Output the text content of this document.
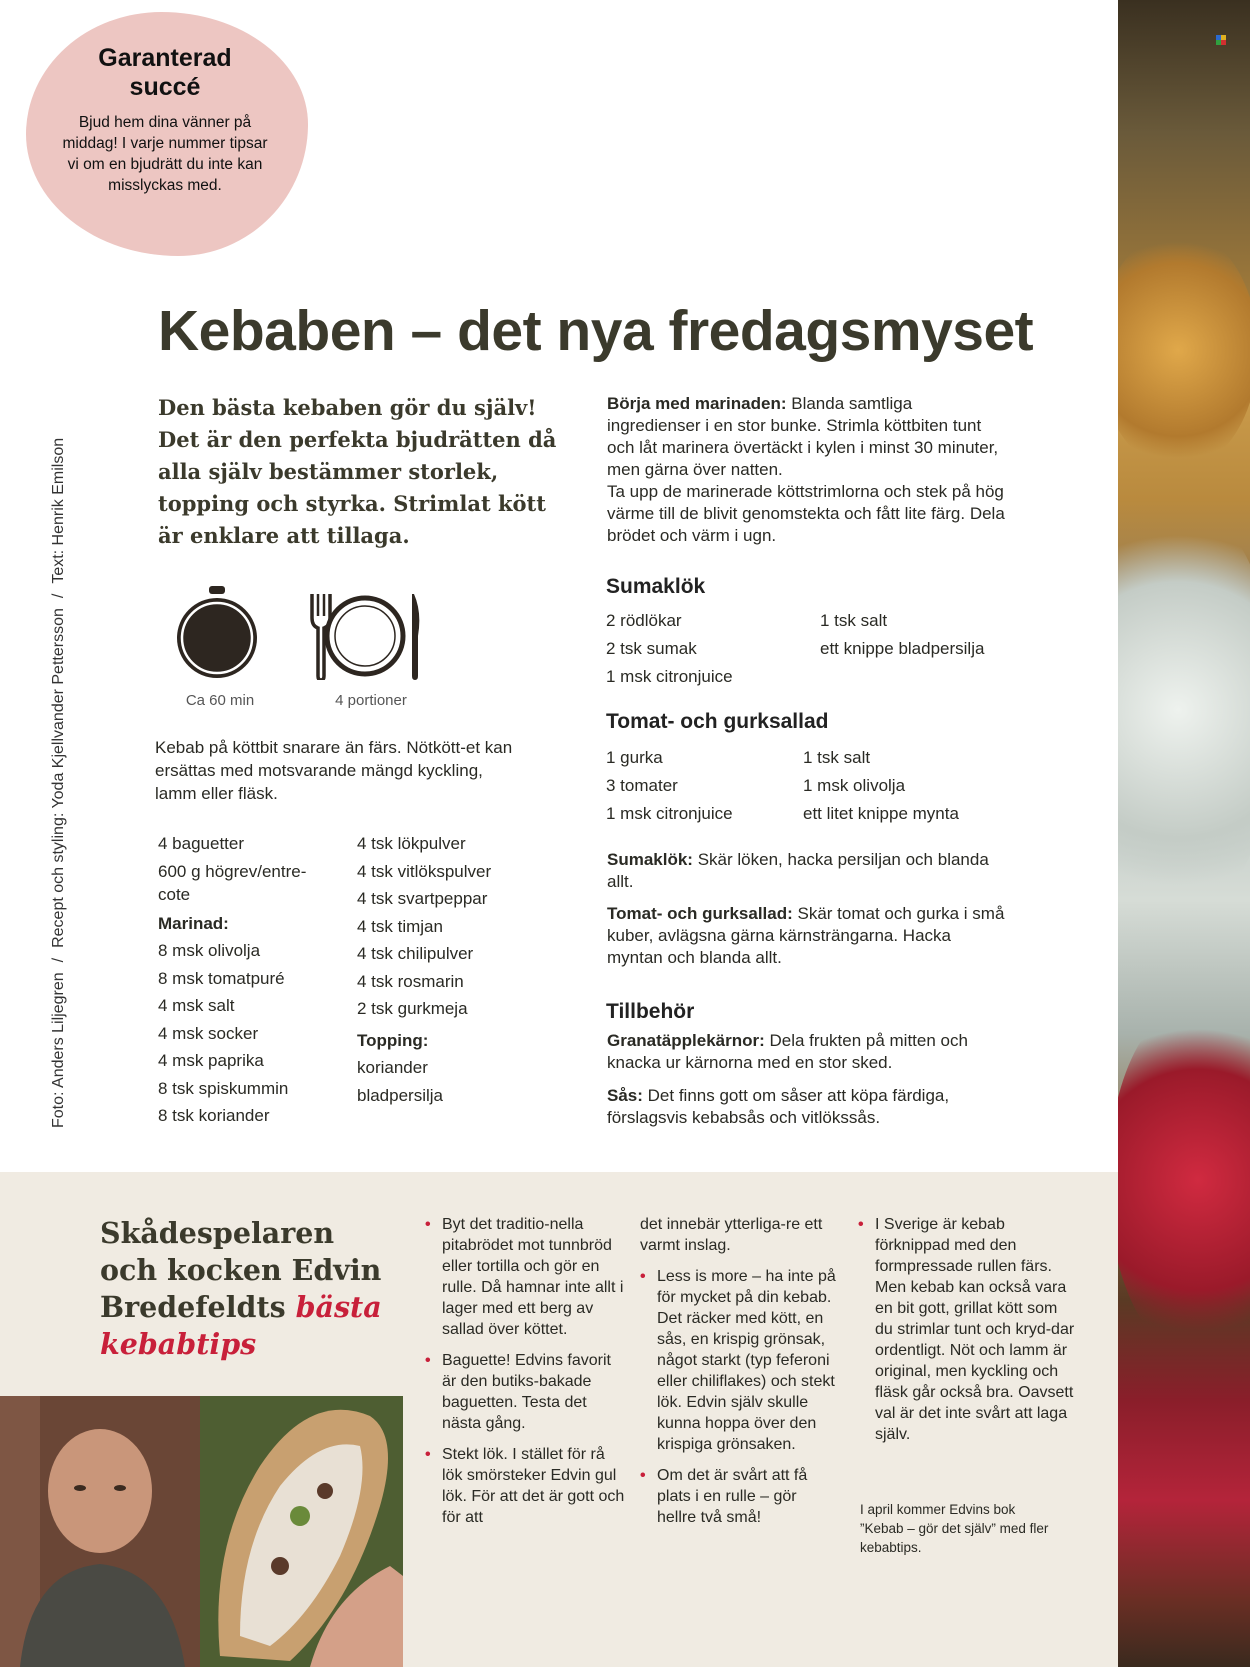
Garanterad
succé
Bjud hem dina vänner på middag! I varje nummer tipsar vi om en bjudrätt du inte kan misslyckas med.
Foto: Anders Liljegren/Recept och styling: Yoda Kjellvander Pettersson/Text: Henrik Emilson
Kebaben – det nya fredagsmyset
Den bästa kebaben gör du själv! Det är den perfekta bjudrätten då alla själv bestämmer storlek, topping och styrka. Strimlat kött är enklare att tillaga.
Ca 60 min	4 portioner
Kebab på köttbit snarare än färs. Nötkött-et kan ersättas med motsvarande mängd kyckling, lamm eller fläsk.
4 baguetter
600 g högrev/entre-cote
Marinad:
8 msk olivolja
8 msk tomatpuré
4 msk salt
4 msk socker
4 msk paprika
8 tsk spiskummin
8 tsk koriander
4 tsk lökpulver
4 tsk vitlökspulver
4 tsk svartpeppar
4 tsk timjan
4 tsk chilipulver
4 tsk rosmarin
2 tsk gurkmeja
Topping:
koriander
bladpersilja
Börja med marinaden: Blanda samtliga ingredienser i en stor bunke. Strimla köttbiten tunt och låt marinera övertäckt i kylen i minst 30 minuter, men gärna över natten.
Ta upp de marinerade köttstrimlorna och stek på hög värme till de blivit genomstekta och fått lite färg. Dela brödet och värm i ugn.
Sumaklök
2 rödlökar
2 tsk sumak
1 msk citronjuice
1 tsk salt
ett knippe bladpersilja
Tomat- och gurksallad
1 gurka
3 tomater
1 msk citronjuice
1 tsk salt
1 msk olivolja
ett litet knippe mynta
Sumaklök: Skär löken, hacka persiljan och blanda allt.
Tomat- och gurksallad: Skär tomat och gurka i små kuber, avlägsna gärna kärnsträngarna. Hacka myntan och blanda allt.
Tillbehör
Granatäpplekärnor: Dela frukten på mitten och knacka ur kärnorna med en stor sked.
Sås: Det finns gott om såser att köpa färdiga, förslagsvis kebabsås och vitlökssås.
Skådespelaren och kocken Edvin Bredefeldts bästa kebabtips
• Byt det traditio-nella pitabrödet mot tunnbröd eller tortilla och gör en rulle. Då hamnar inte allt i lager med ett berg av sallad över köttet.
• Baguette! Edvins favorit är den butiks-bakade baguetten. Testa det nästa gång.
• Stekt lök. I stället för rå lök smörsteker Edvin gul lök. För att det är gott och för att
det innebär ytterliga-re ett varmt inslag.
• Less is more – ha inte på för mycket på din kebab. Det räcker med kött, en sås, en krispig grönsak, något starkt (typ feferoni eller chiliflakes) och stekt lök. Edvin själv skulle kunna hoppa över den krispiga grönsaken.
• Om det är svårt att få plats i en rulle – gör hellre två små!
• I Sverige är kebab förknippad med den formpressade rullen färs. Men kebab kan också vara en bit gott, grillat kött som du strimlar tunt och kryd-dar ordentligt. Nöt och lamm är original, men kyckling och fläsk går också bra. Oavsett val är det inte svårt att laga själv.
I april kommer Edvins bok ”Kebab – gör det själv” med fler kebabtips.
